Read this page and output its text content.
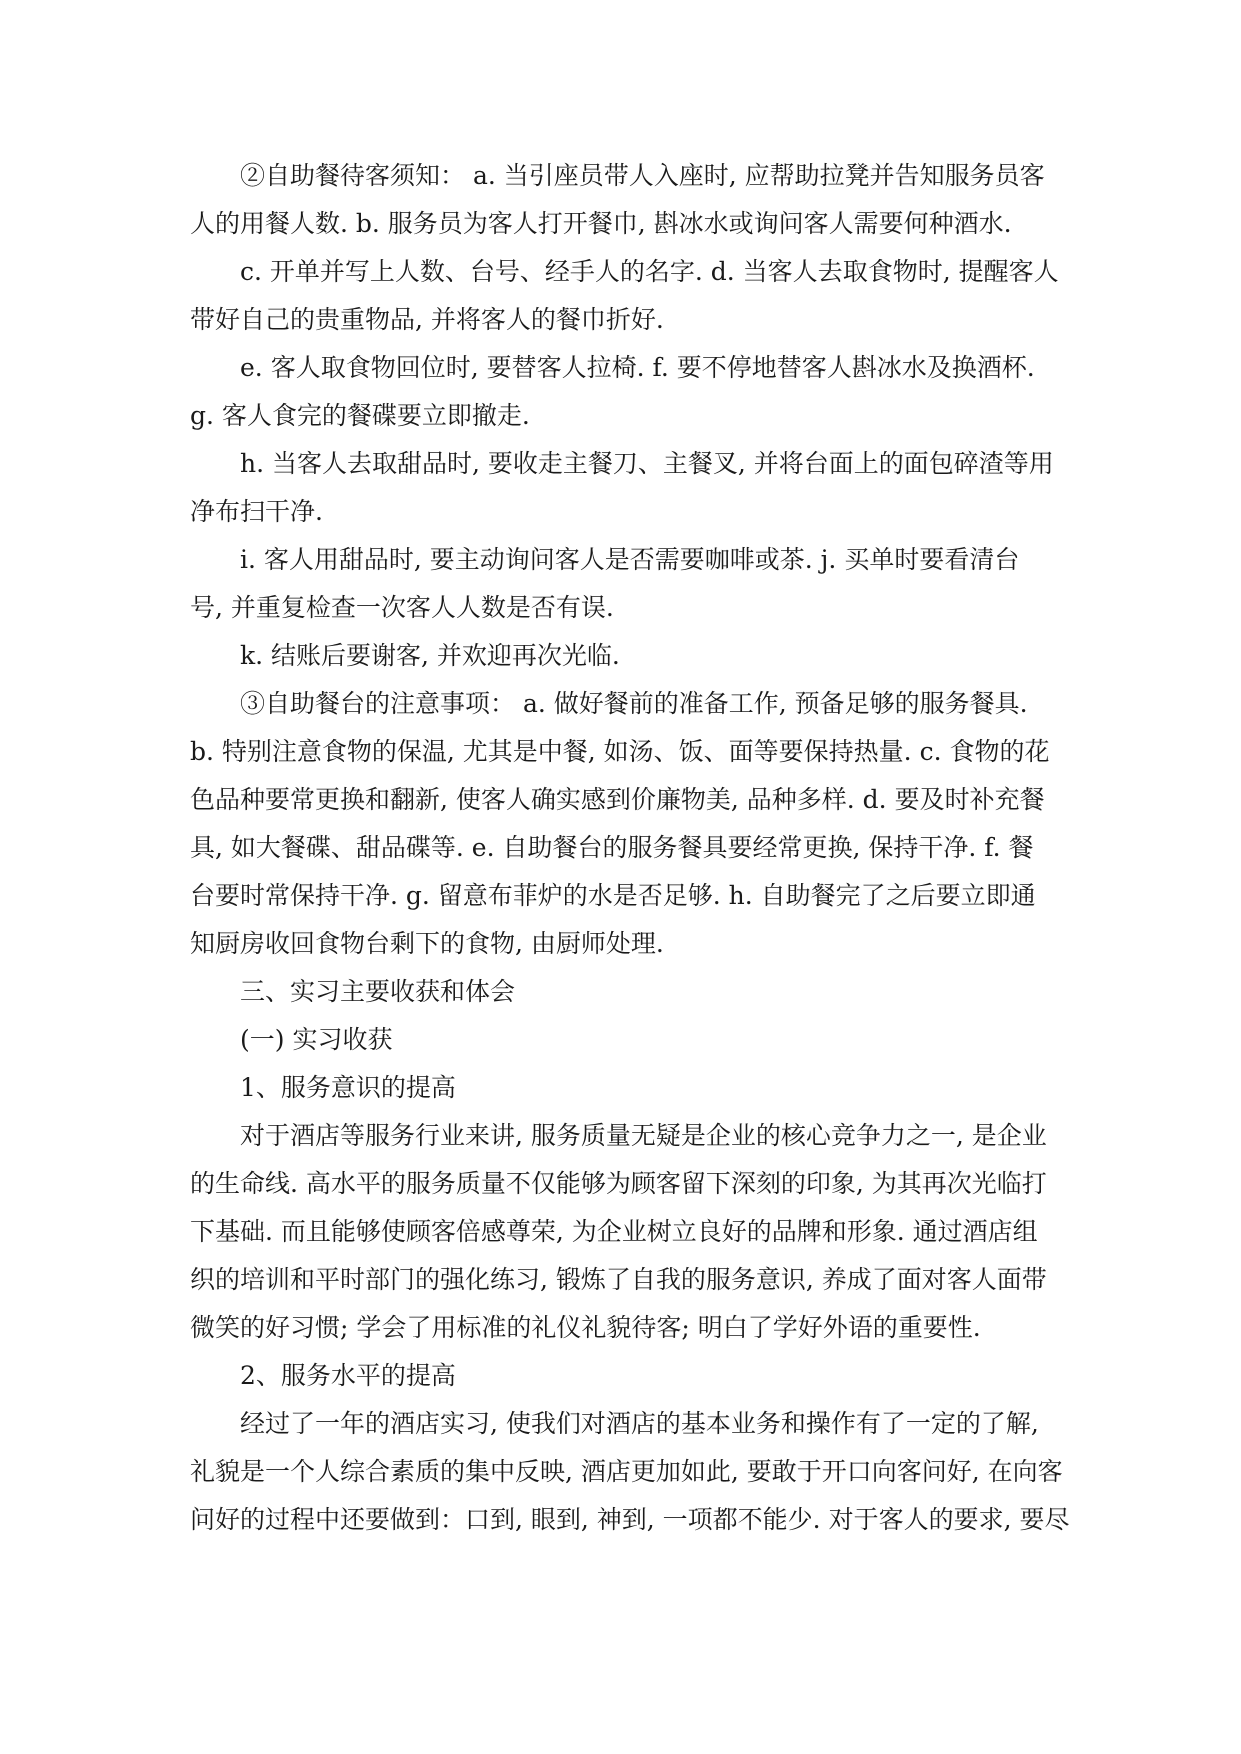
②自助餐待客须知： a. 当引座员带人入座时, 应帮助拉凳并告知服务员客
人的用餐人数. b. 服务员为客人打开餐巾, 斟冰水或询问客人需要何种酒水.
c. 开单并写上人数、台号、经手人的名字. d. 当客人去取食物时, 提醒客人
带好自己的贵重物品, 并将客人的餐巾折好.
e. 客人取食物回位时, 要替客人拉椅. f. 要不停地替客人斟冰水及换酒杯.
g. 客人食完的餐碟要立即撤走.
h. 当客人去取甜品时, 要收走主餐刀、主餐叉, 并将台面上的面包碎渣等用
净布扫干净.
i. 客人用甜品时, 要主动询问客人是否需要咖啡或茶. j. 买单时要看清台
号, 并重复检查一次客人人数是否有误.
k. 结账后要谢客, 并欢迎再次光临.
③自助餐台的注意事项： a. 做好餐前的准备工作, 预备足够的服务餐具.
b. 特别注意食物的保温, 尤其是中餐, 如汤、饭、面等要保持热量. c. 食物的花
色品种要常更换和翻新, 使客人确实感到价廉物美, 品种多样. d. 要及时补充餐
具, 如大餐碟、甜品碟等. e. 自助餐台的服务餐具要经常更换, 保持干净. f. 餐
台要时常保持干净. g. 留意布菲炉的水是否足够. h. 自助餐完了之后要立即通
知厨房收回食物台剩下的食物, 由厨师处理.
三、实习主要收获和体会
(一) 实习收获
1、服务意识的提高
对于酒店等服务行业来讲, 服务质量无疑是企业的核心竞争力之一, 是企业
的生命线. 高水平的服务质量不仅能够为顾客留下深刻的印象, 为其再次光临打
下基础. 而且能够使顾客倍感尊荣, 为企业树立良好的品牌和形象. 通过酒店组
织的培训和平时部门的强化练习, 锻炼了自我的服务意识, 养成了面对客人面带
微笑的好习惯; 学会了用标准的礼仪礼貌待客; 明白了学好外语的重要性.
2、服务水平的提高
经过了一年的酒店实习, 使我们对酒店的基本业务和操作有了一定的了解,
礼貌是一个人综合素质的集中反映, 酒店更加如此, 要敢于开口向客问好, 在向客
问好的过程中还要做到：口到, 眼到, 神到, 一项都不能少. 对于客人的要求, 要尽
